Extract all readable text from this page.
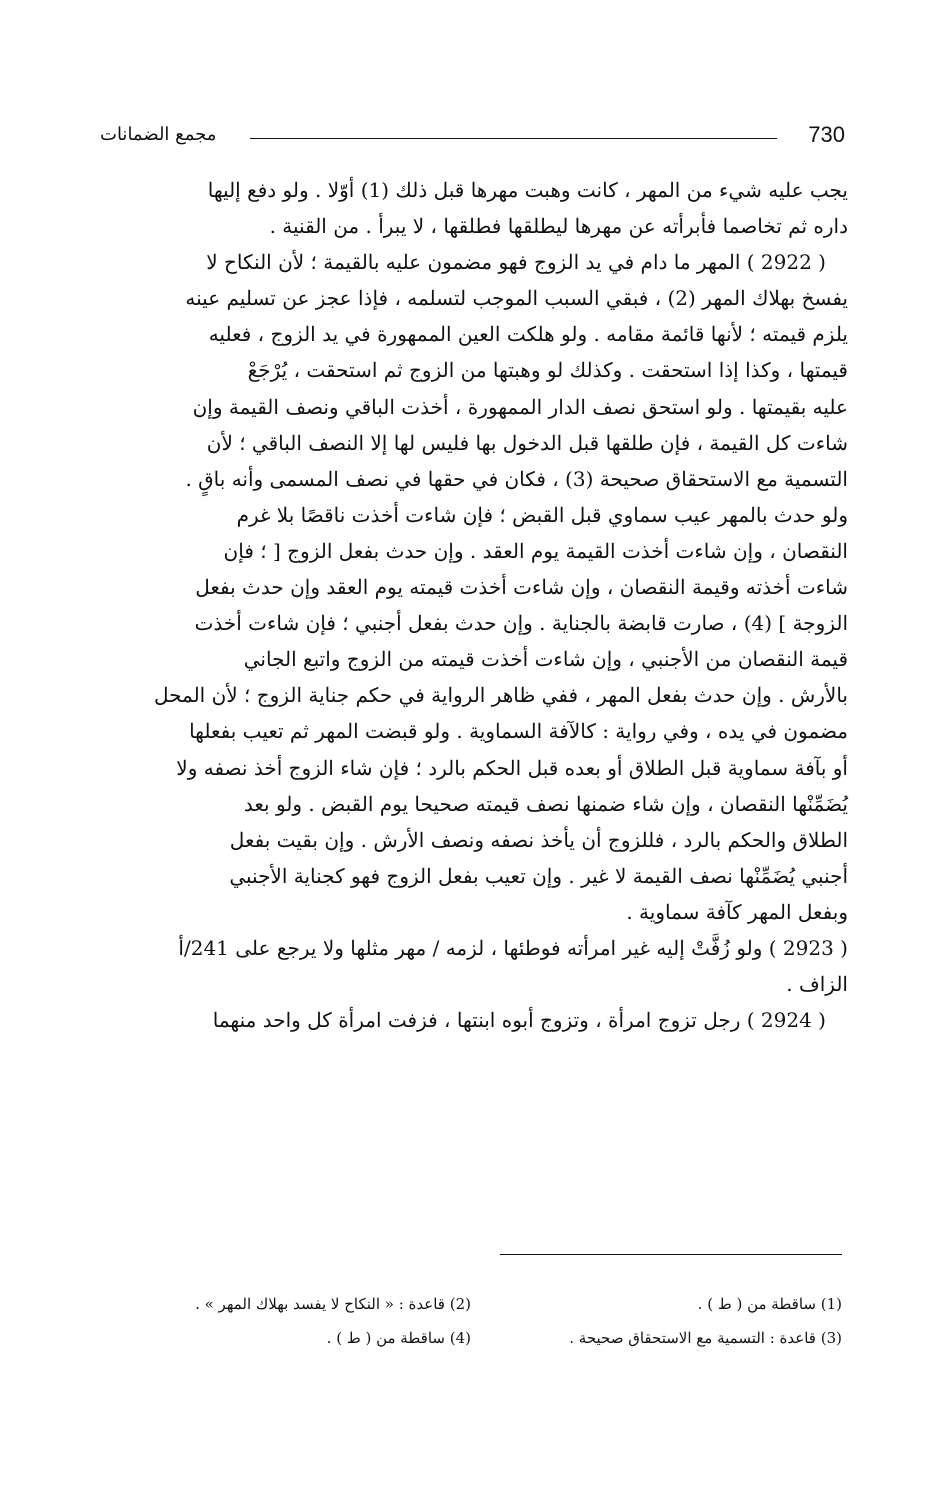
730
مجمع الضمانات

يجب عليه شيء من المهر ، كانت وهبت مهرها قبل ذلك (1) أوّلا . ولو دفع إليها
داره ثم تخاصما فأبرأته عن مهرها ليطلقها فطلقها ، لا يبرأ . من القنية .

( 2922 ) المهر ما دام في يد الزوج فهو مضمون عليه بالقيمة ؛ لأن النكاح لا
يفسخ بهلاك المهر (2) ، فبقي السبب الموجب لتسلمه ، فإذا عجز عن تسليم عينه
يلزم قيمته ؛ لأنها قائمة مقامه . ولو هلكت العين الممهورة في يد الزوج ، فعليه
قيمتها ، وكذا إذا استحقت . وكذلك لو وهبتها من الزوج ثم استحقت ، يُرْجَعْ
عليه بقيمتها . ولو استحق نصف الدار الممهورة ، أخذت الباقي ونصف القيمة وإن
شاءت كل القيمة ، فإن طلقها قبل الدخول بها فليس لها إلا النصف الباقي ؛ لأن
التسمية مع الاستحقاق صحيحة (3) ، فكان في حقها في نصف المسمى وأنه باقٍ .
ولو حدث بالمهر عيب سماوي قبل القبض ؛ فإن شاءت أخذت ناقصًا بلا غرم
النقصان ، وإن شاءت أخذت القيمة يوم العقد . وإن حدث بفعل الزوج [ ؛ فإن
شاءت أخذته وقيمة النقصان ، وإن شاءت أخذت قيمته يوم العقد وإن حدث بفعل
الزوجة ] (4) ، صارت قابضة بالجناية . وإن حدث بفعل أجنبي ؛ فإن شاءت أخذت
قيمة النقصان من الأجنبي ، وإن شاءت أخذت قيمته من الزوج واتبع الجاني
بالأرش . وإن حدث بفعل المهر ، ففي ظاهر الرواية في حكم جناية الزوج ؛ لأن المحل
مضمون في يده ، وفي رواية : كالآفة السماوية . ولو قبضت المهر ثم تعيب بفعلها
أو بآفة سماوية قبل الطلاق أو بعده قبل الحكم بالرد ؛ فإن شاء الزوج أخذ نصفه ولا
يُضَمِّنْها النقصان ، وإن شاء ضمنها نصف قيمته صحيحا يوم القبض . ولو بعد
الطلاق والحكم بالرد ، فللزوج أن يأخذ نصفه ونصف الأرش . وإن بقيت بفعل
أجنبي يُضَمِّنْها نصف القيمة لا غير . وإن تعيب بفعل الزوج فهو كجناية الأجنبي
وبفعل المهر كآفة سماوية .

( 2923 ) ولو زُفَّتْ إليه غير امرأته فوطئها ، لزمه / مهر مثلها ولا يرجع على 241/أ
الزاف .

( 2924 ) رجل تزوج امرأة ، وتزوج أبوه ابنتها ، فزفت امرأة كل واحد منهما

(1) ساقطة من ( ط ) .
(2) قاعدة : « النكاح لا يفسد بهلاك المهر » .
(3) قاعدة : التسمية مع الاستحقاق صحيحة .
(4) ساقطة من ( ط ) .
